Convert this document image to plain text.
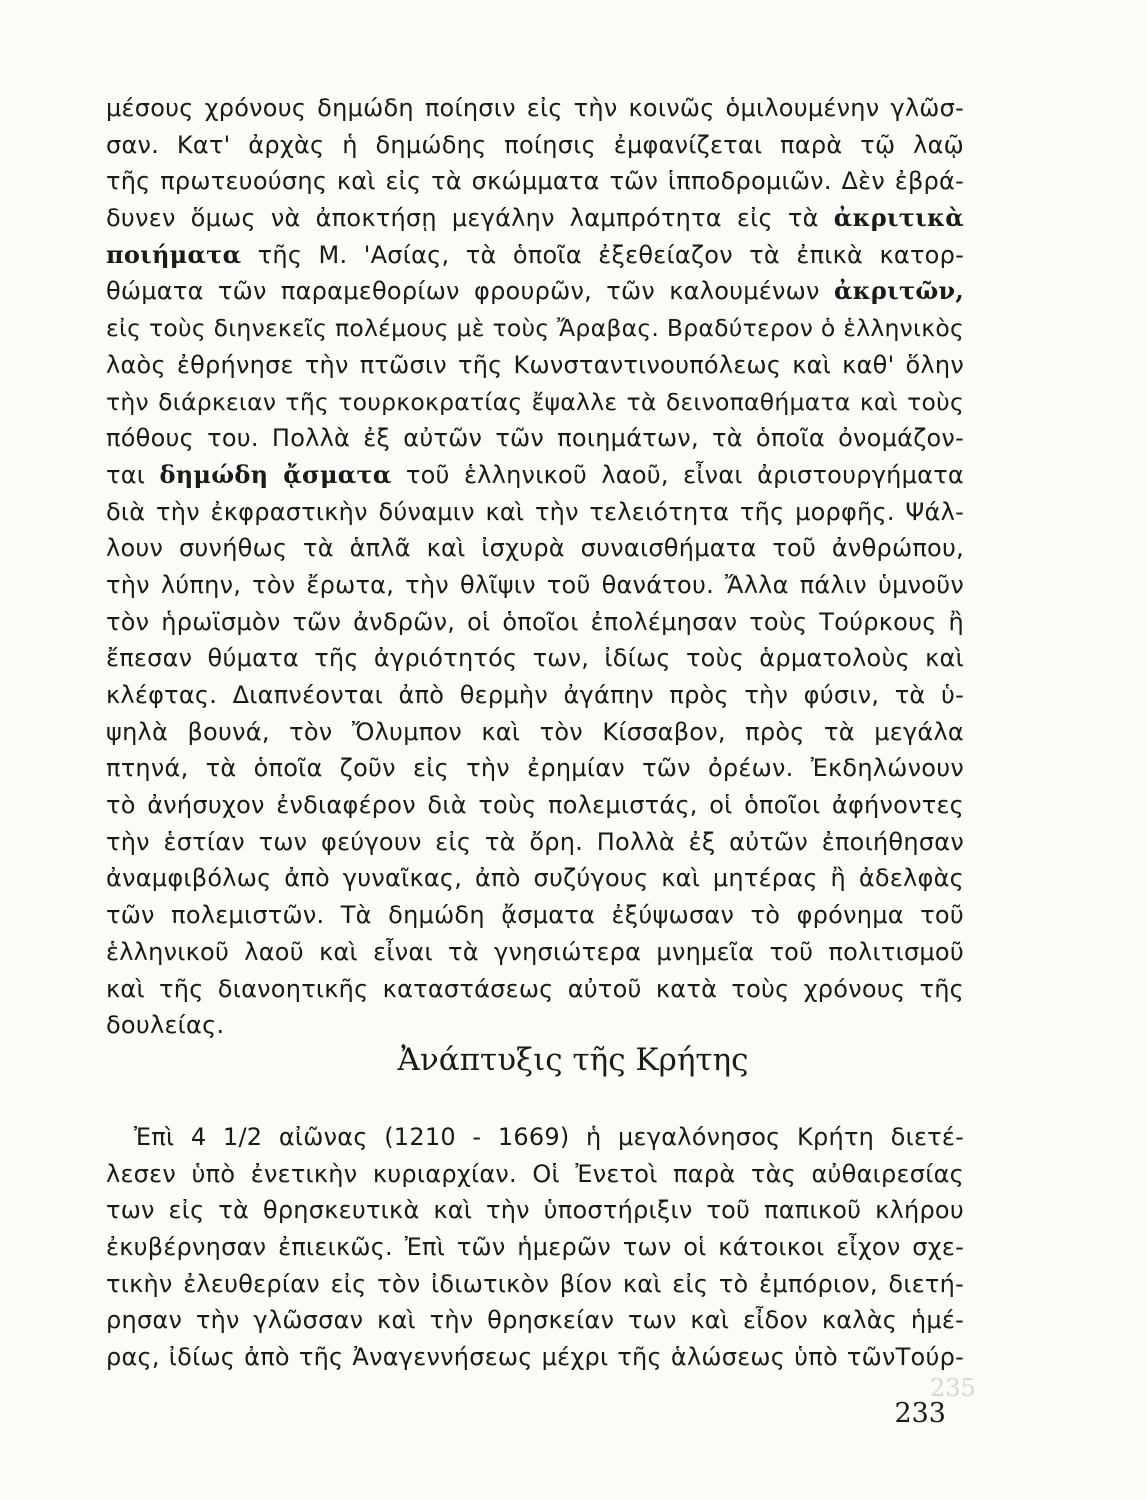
μέσους χρόνους δημώδη ποίησιν εἰς τὴν κοινῶς ὁμιλουμένην γλῶσ-
σαν. Κατ' ἀρχὰς ἡ δημώδης ποίησις ἐμφανίζεται παρὰ τῷ λαῷ
τῆς πρωτευούσης καὶ εἰς τὰ σκώμματα τῶν ἱπποδρομιῶν. Δὲν ἐβρά-
δυνεν ὅμως νὰ ἀποκτήσῃ μεγάλην λαμπρότητα εἰς τὰ ἀκριτικὰ
ποιήματα τῆς Μ. 'Ασίας, τὰ ὁποῖα ἐξεθείαζον τὰ ἐπικὰ κατορ-
θώματα τῶν παραμεθορίων φρουρῶν, τῶν καλουμένων ἀκριτῶν,
εἰς τοὺς διηνεκεῖς πολέμους μὲ τοὺς Ἄραβας. Βραδύτερον ὁ ἑλληνικὸς
λαὸς ἐθρήνησε τὴν πτῶσιν τῆς Κωνσταντινουπόλεως καὶ καθ' ὅλην
τὴν διάρκειαν τῆς τουρκοκρατίας ἔψαλλε τὰ δεινοπαθήματα καὶ τοὺς
πόθους του. Πολλὰ ἐξ αὐτῶν τῶν ποιημάτων, τὰ ὁποῖα ὀνομάζον-
ται δημώδη ᾄσματα τοῦ ἑλληνικοῦ λαοῦ, εἶναι ἀριστουργήματα
διὰ τὴν ἐκφραστικὴν δύναμιν καὶ τὴν τελειότητα τῆς μορφῆς. Ψάλ-
λουν συνήθως τὰ ἁπλᾶ καὶ ἰσχυρὰ συναισθήματα τοῦ ἀνθρώπου,
τὴν λύπην, τὸν ἔρωτα, τὴν θλῖψιν τοῦ θανάτου. Ἄλλα πάλιν ὑμνοῦν
τὸν ἡρωϊσμὸν τῶν ἀνδρῶν, οἱ ὁποῖοι ἐπολέμησαν τοὺς Τούρκους ἢ
ἔπεσαν θύματα τῆς ἀγριότητός των, ἰδίως τοὺς ἁρματολοὺς καὶ
κλέφτας. Διαπνέονται ἀπὸ θερμὴν ἀγάπην πρὸς τὴν φύσιν, τὰ ὑ-
ψηλὰ βουνά, τὸν Ὄλυμπον καὶ τὸν Κίσσαβον, πρὸς τὰ μεγάλα
πτηνά, τὰ ὁποῖα ζοῦν εἰς τὴν ἐρημίαν τῶν ὀρέων. Ἐκδηλώνουν
τὸ ἀνήσυχον ἐνδιαφέρον διὰ τοὺς πολεμιστάς, οἱ ὁποῖοι ἀφήνοντες
τὴν ἑστίαν των φεύγουν εἰς τὰ ὄρη. Πολλὰ ἐξ αὐτῶν ἐποιήθησαν
ἀναμφιβόλως ἀπὸ γυναῖκας, ἀπὸ συζύγους καὶ μητέρας ἢ ἀδελφὰς
τῶν πολεμιστῶν. Τὰ δημώδη ᾄσματα ἐξύψωσαν τὸ φρόνημα τοῦ
ἑλληνικοῦ λαοῦ καὶ εἶναι τὰ γνησιώτερα μνημεῖα τοῦ πολιτισμοῦ
καὶ τῆς διανοητικῆς καταστάσεως αὐτοῦ κατὰ τοὺς χρόνους τῆς
δουλείας.
Ἀνάπτυξις τῆς Κρήτης
Ἐπὶ 4 1/2 αἰῶνας (1210 - 1669) ἡ μεγαλόνησος Κρήτη διετέ-
λεσεν ὑπὸ ἐνετικὴν κυριαρχίαν. Οἱ Ἐνετοὶ παρὰ τὰς αὐθαιρεσίας
των εἰς τὰ θρησκευτικὰ καὶ τὴν ὑποστήριξιν τοῦ παπικοῦ κλήρου
ἐκυβέρνησαν ἐπιεικῶς. Ἐπὶ τῶν ἡμερῶν των οἱ κάτοικοι εἶχον σχε-
τικὴν ἐλευθερίαν εἰς τὸν ἰδιωτικὸν βίον καὶ εἰς τὸ ἐμπόριον, διετή-
ρησαν τὴν γλῶσσαν καὶ τὴν θρησκείαν των καὶ εἶδον καλὰς ἡμέ-
ρας, ἰδίως ἀπὸ τῆς Ἀναγεννήσεως μέχρι τῆς ἁλώσεως ὑπὸ τῶνΤούρ-
235
233
